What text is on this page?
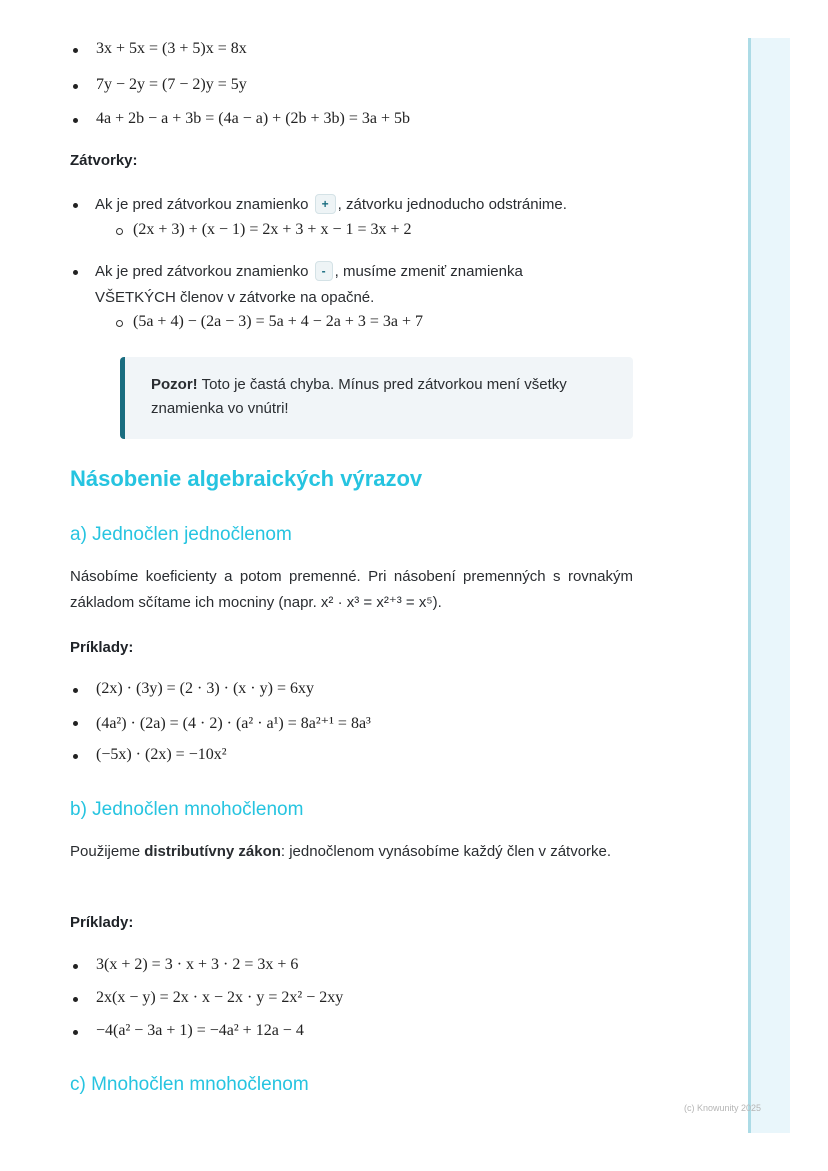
3x + 5x = (3 + 5)x = 8x
7y − 2y = (7 − 2)y = 5y
4a + 2b − a + 3b = (4a − a) + (2b + 3b) = 3a + 5b
Zátvorky:
Ak je pred zátvorkou znamienko + , zátvorku jednoducho odstránime.
(2x + 3) + (x − 1) = 2x + 3 + x − 1 = 3x + 2
Ak je pred zátvorkou znamienko - , musíme zmeniť znamienka
VŠETKÝCH členov v zátvorke na opačné.
(5a + 4) − (2a − 3) = 5a + 4 − 2a + 3 = 3a + 7
Pozor! Toto je častá chyba. Mínus pred zátvorkou mení všetky
znamienka vo vnútri!
Násobenie algebraických výrazov
a) Jednočlen jednočlenom
Násobíme koeficienty a potom premenné. Pri násobení premenných s rovnakým základom sčítame ich mocniny (napr. x² · x³ = x²⁺³ = x⁵).
Príklady:
(2x) · (3y) = (2 · 3) · (x · y) = 6xy
(4a²) · (2a) = (4 · 2) · (a² · a¹) = 8a²⁺¹ = 8a³
(−5x) · (2x) = −10x²
b) Jednočlen mnohočlenom
Použijeme distributívny zákon: jednočlenom vynásobíme každý člen v zátvorke.
Príklady:
3(x + 2) = 3 · x + 3 · 2 = 3x + 6
2x(x − y) = 2x · x − 2x · y = 2x² − 2xy
−4(a² − 3a + 1) = −4a² + 12a − 4
c) Mnohočlen mnohočlenom
(c) Knowunity 2025
